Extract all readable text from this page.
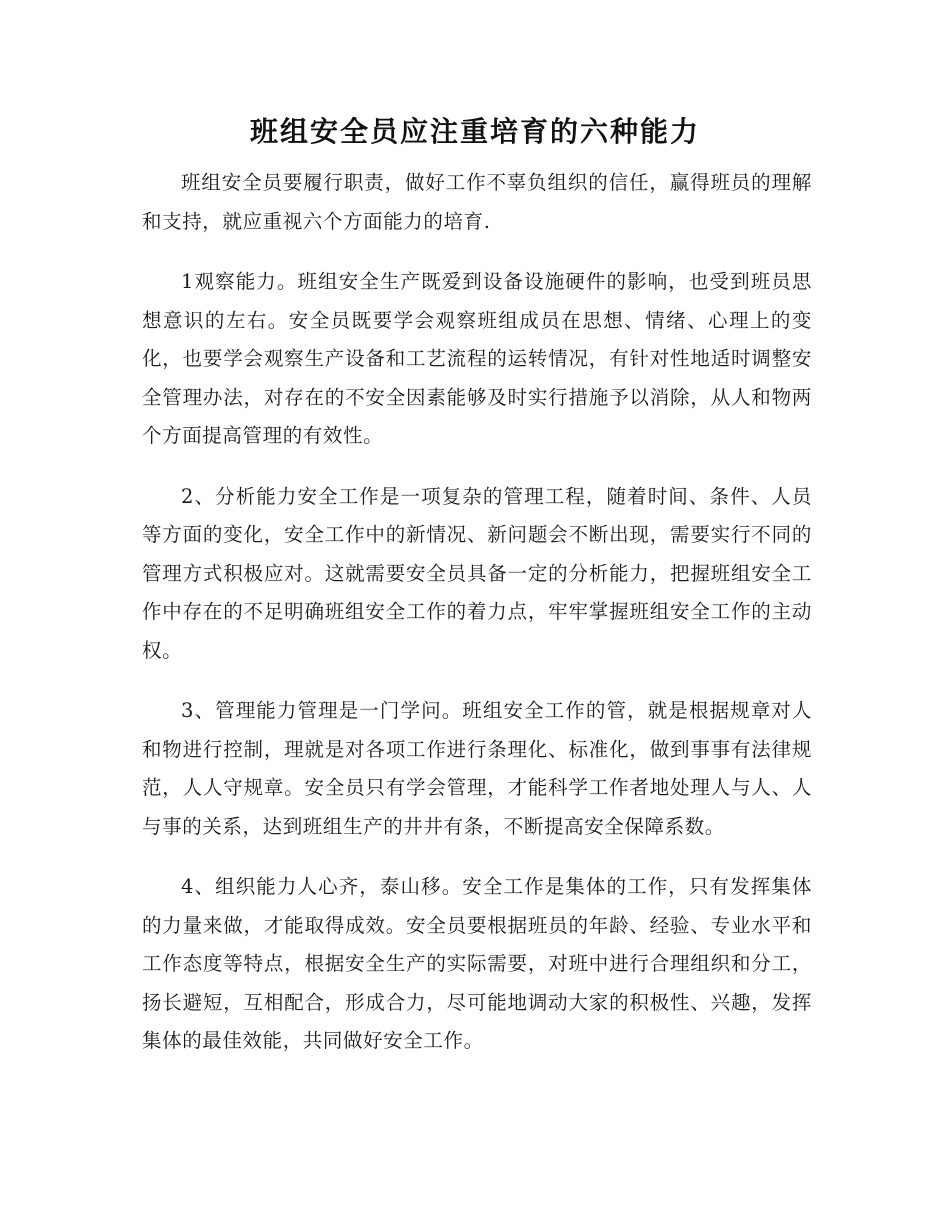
班组安全员应注重培育的六种能力

班组安全员要履行职责，做好工作不辜负组织的信任，赢得班员的理解和支持，就应重视六个方面能力的培育.

1观察能力。班组安全生产既爱到设备设施硬件的影响，也受到班员思想意识的左右。安全员既要学会观察班组成员在思想、情绪、心理上的变化，也要学会观察生产设备和工艺流程的运转情况，有针对性地适时调整安全管理办法，对存在的不安全因素能够及时实行措施予以消除，从人和物两个方面提高管理的有效性。

2、分析能力安全工作是一项复杂的管理工程，随着时间、条件、人员等方面的变化，安全工作中的新情况、新问题会不断出现，需要实行不同的管理方式积极应对。这就需要安全员具备一定的分析能力，把握班组安全工作中存在的不足明确班组安全工作的着力点，牢牢掌握班组安全工作的主动权。

3、管理能力管理是一门学问。班组安全工作的管，就是根据规章对人和物进行控制，理就是对各项工作进行条理化、标准化，做到事事有法律规范，人人守规章。安全员只有学会管理，才能科学工作者地处理人与人、人与事的关系，达到班组生产的井井有条，不断提高安全保障系数。

4、组织能力人心齐，泰山移。安全工作是集体的工作，只有发挥集体的力量来做，才能取得成效。安全员要根据班员的年龄、经验、专业水平和工作态度等特点，根据安全生产的实际需要，对班中进行合理组织和分工，扬长避短，互相配合，形成合力，尽可能地调动大家的积极性、兴趣，发挥集体的最佳效能，共同做好安全工作。
